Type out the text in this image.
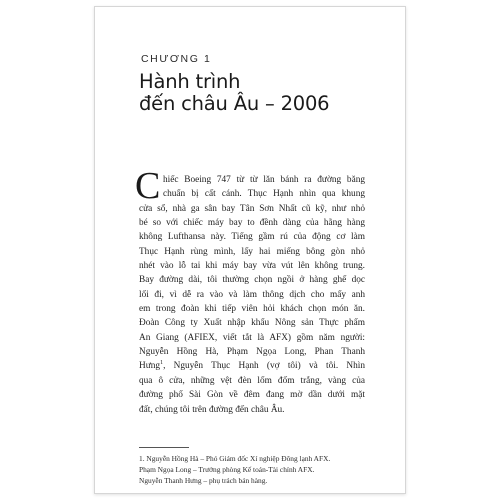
CHƯƠNG 1
Hành trình
đến châu Âu – 2006
C hiếc Boeing 747 từ từ lăn bánh ra đường băng
chuẩn bị cất cánh. Thục Hạnh nhìn qua khung
cửa sổ, nhà ga sân bay Tân Sơn Nhất cũ kỹ, như nhỏ
bé so với chiếc máy bay to đềnh dàng của hãng hàng
không Lufthansa này. Tiếng gầm rú của động cơ làm
Thục Hạnh rùng mình, lấy hai miếng bông gòn nhỏ
nhét vào lỗ tai khi máy bay vừa vút lên không trung.
Bay đường dài, tôi thường chọn ngồi ở hàng ghế dọc
lối đi, vì dễ ra vào và làm thông dịch cho mấy anh
em trong đoàn khi tiếp viên hỏi khách chọn món ăn.
Đoàn Công ty Xuất nhập khẩu Nông sản Thực phẩm
An Giang (AFIEX, viết tắt là AFX) gồm năm người:
Nguyễn Hồng Hà, Phạm Ngọa Long, Phan Thanh
Hưng$^1$, Nguyễn Thục Hạnh (vợ tôi) và tôi. Nhìn
qua ô cửa, những vệt đèn lốm đốm trắng, vàng của
đường phố Sài Gòn về đêm đang mờ dần dưới mặt
đất, chúng tôi trên đường đến châu Âu.
1. Nguyễn Hồng Hà – Phó Giám đốc Xí nghiệp Đông lạnh AFX.
Phạm Ngọa Long – Trưởng phòng Kế toán-Tài chính AFX.
Nguyễn Thanh Hưng – phụ trách bán hàng.
